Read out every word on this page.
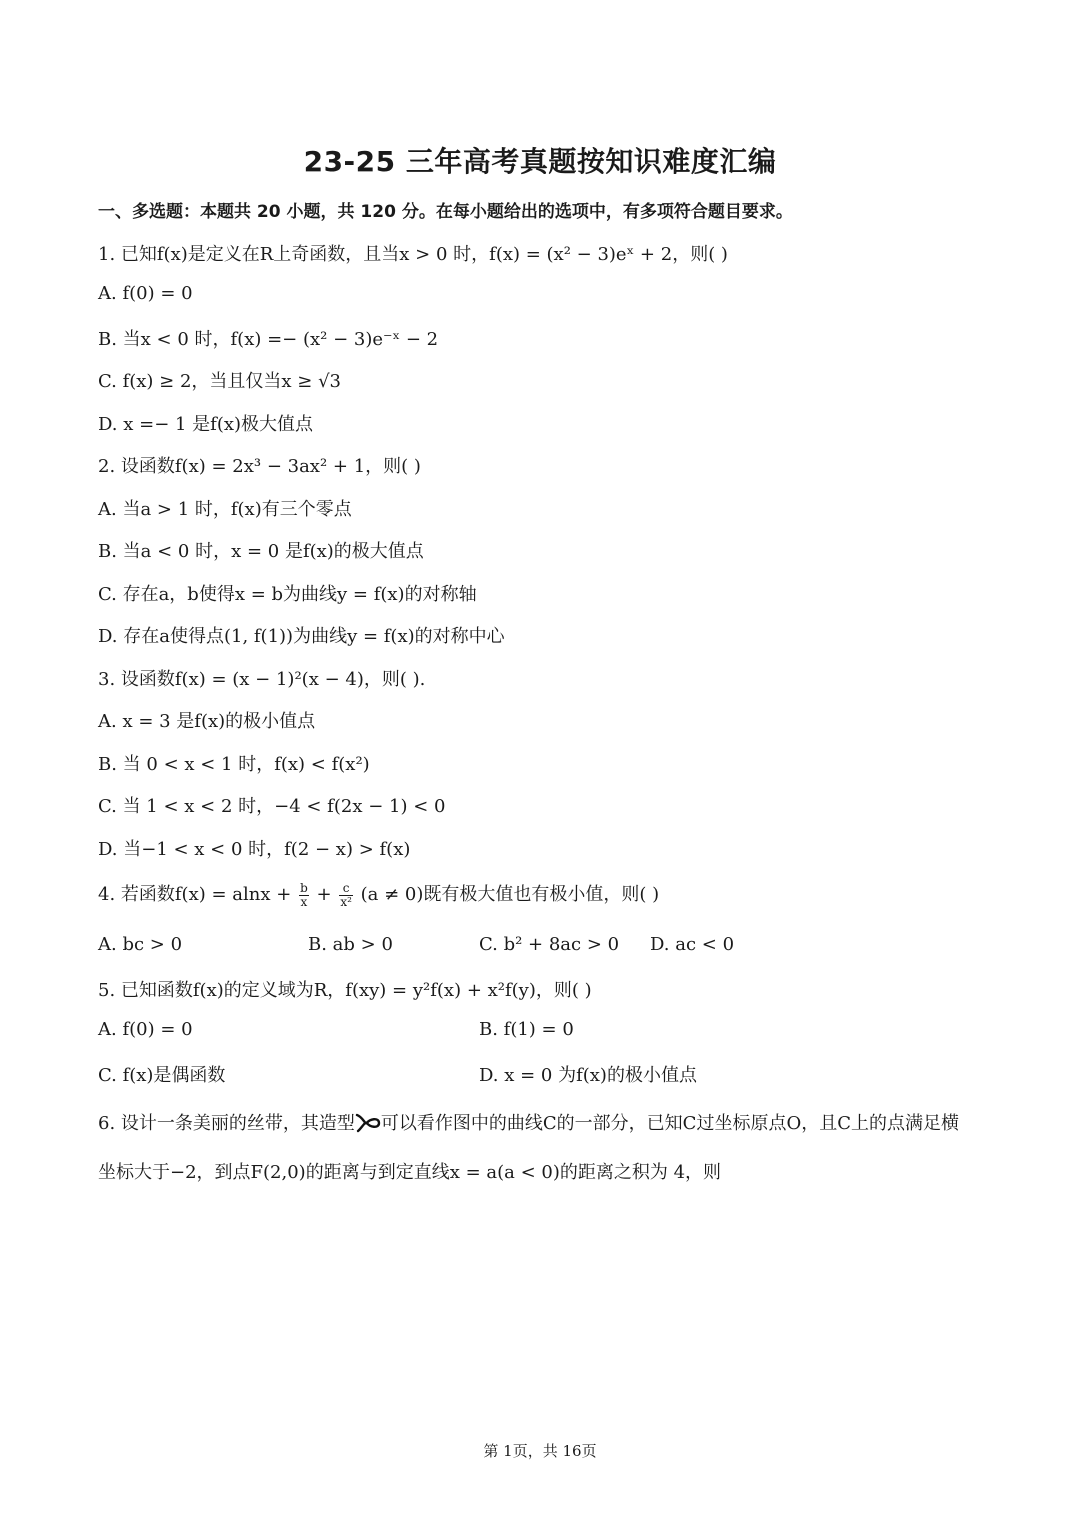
23-25 三年高考真题按知识难度汇编
一、多选题：本题共 20 小题，共 120 分。在每小题给出的选项中，有多项符合题目要求。
1. 已知f(x)是定义在R上奇函数，且当x > 0 时，f(x) = (x² − 3)eˣ + 2，则( )
A. f(0) = 0
B. 当x < 0 时，f(x) =− (x² − 3)e⁻ˣ − 2
C. f(x) ≥ 2，当且仅当x ≥ √3
D. x =− 1 是f(x)极大值点
2. 设函数f(x) = 2x³ − 3ax² + 1，则( )
A. 当a > 1 时，f(x)有三个零点
B. 当a < 0 时，x = 0 是f(x)的极大值点
C. 存在a，b使得x = b为曲线y = f(x)的对称轴
D. 存在a使得点(1, f(1))为曲线y = f(x)的对称中心
3. 设函数f(x) = (x − 1)²(x − 4)，则( ).
A. x = 3 是f(x)的极小值点
B. 当 0 < x < 1 时，f(x) < f(x²)
C. 当 1 < x < 2 时，−4 < f(2x − 1) < 0
D. 当−1 < x < 0 时，f(2 − x) > f(x)
4. 若函数$f(x) = alnx + \frac{b}{x} + \frac{c}{\text{x²}} (a \ne 0)$既有极大值也有极小值，则( )
A. bc > 0	B. ab > 0	C. b² + 8ac > 0 D. ac < 0
5. 已知函数f(x)的定义域为R，f(xy) = y²f(x) + x²f(y)，则( )
A. f(0) = 0	B. f(1) = 0
C. f(x)是偶函数	D. x = 0 为f(x)的极小值点
6. 设计一条美丽的丝带，其造型 可以看作图中的曲线C的一部分，已知C过坐标原点O，且C上的点满足横
坐标大于−2，到点F(2,0)的距离与到定直线x = a(a < 0)的距离之积为 4，则
第 1页，共 16页
